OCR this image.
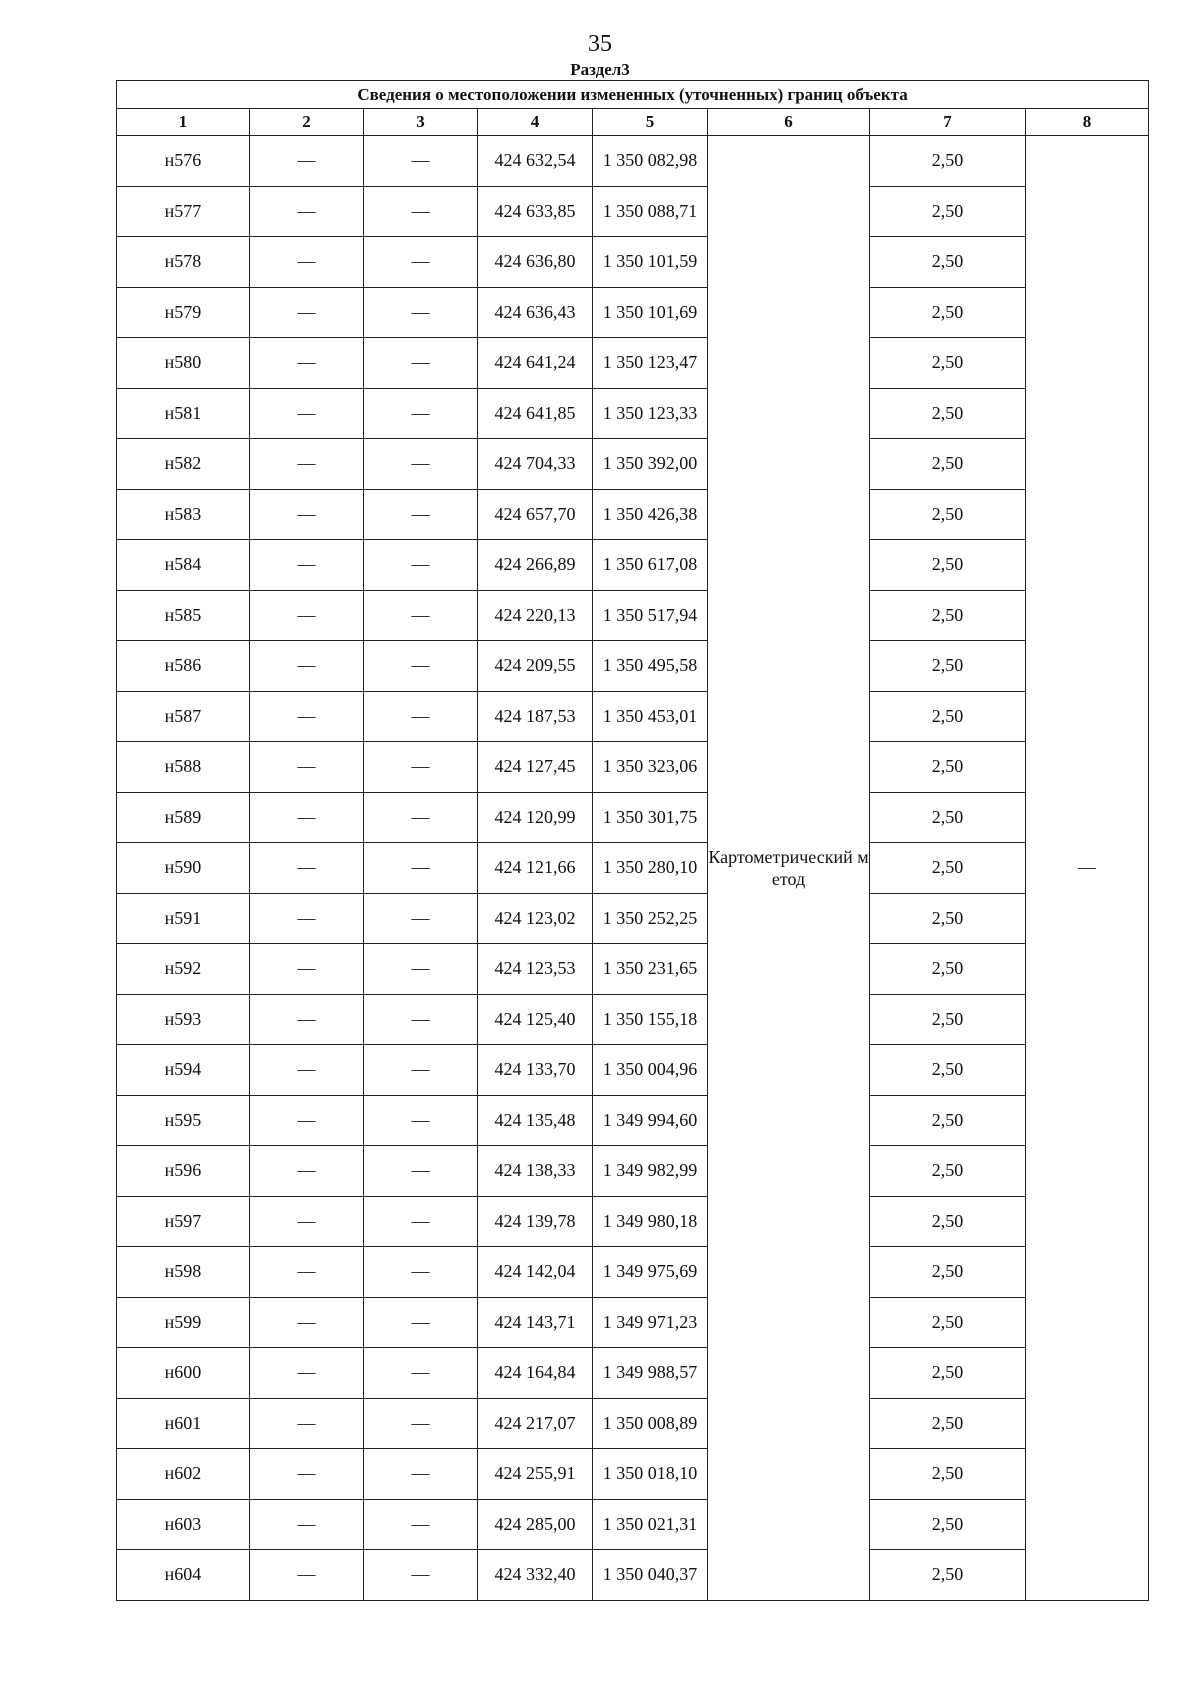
35
Раздел3
Сведения о местоположении измененных (уточненных) границ объекта							
1	2	3	4	5	6	7	8
н576	—	—	424 632,54	1 350 082,98	Картометрический метод	2,50	—
н577	—	—	424 633,85	1 350 088,71		2,50	
н578	—	—	424 636,80	1 350 101,59		2,50	
н579	—	—	424 636,43	1 350 101,69		2,50	
н580	—	—	424 641,24	1 350 123,47		2,50	
н581	—	—	424 641,85	1 350 123,33		2,50	
н582	—	—	424 704,33	1 350 392,00		2,50	
н583	—	—	424 657,70	1 350 426,38		2,50	
н584	—	—	424 266,89	1 350 617,08		2,50	
н585	—	—	424 220,13	1 350 517,94		2,50	
н586	—	—	424 209,55	1 350 495,58		2,50	
н587	—	—	424 187,53	1 350 453,01		2,50	
н588	—	—	424 127,45	1 350 323,06		2,50	
н589	—	—	424 120,99	1 350 301,75		2,50	
н590	—	—	424 121,66	1 350 280,10		2,50	
н591	—	—	424 123,02	1 350 252,25		2,50	
н592	—	—	424 123,53	1 350 231,65		2,50	
н593	—	—	424 125,40	1 350 155,18		2,50	
н594	—	—	424 133,70	1 350 004,96		2,50	
н595	—	—	424 135,48	1 349 994,60		2,50	
н596	—	—	424 138,33	1 349 982,99		2,50	
н597	—	—	424 139,78	1 349 980,18		2,50	
н598	—	—	424 142,04	1 349 975,69		2,50	
н599	—	—	424 143,71	1 349 971,23		2,50	
н600	—	—	424 164,84	1 349 988,57		2,50	
н601	—	—	424 217,07	1 350 008,89		2,50	
н602	—	—	424 255,91	1 350 018,10		2,50	
н603	—	—	424 285,00	1 350 021,31		2,50	
н604	—	—	424 332,40	1 350 040,37		2,50	
